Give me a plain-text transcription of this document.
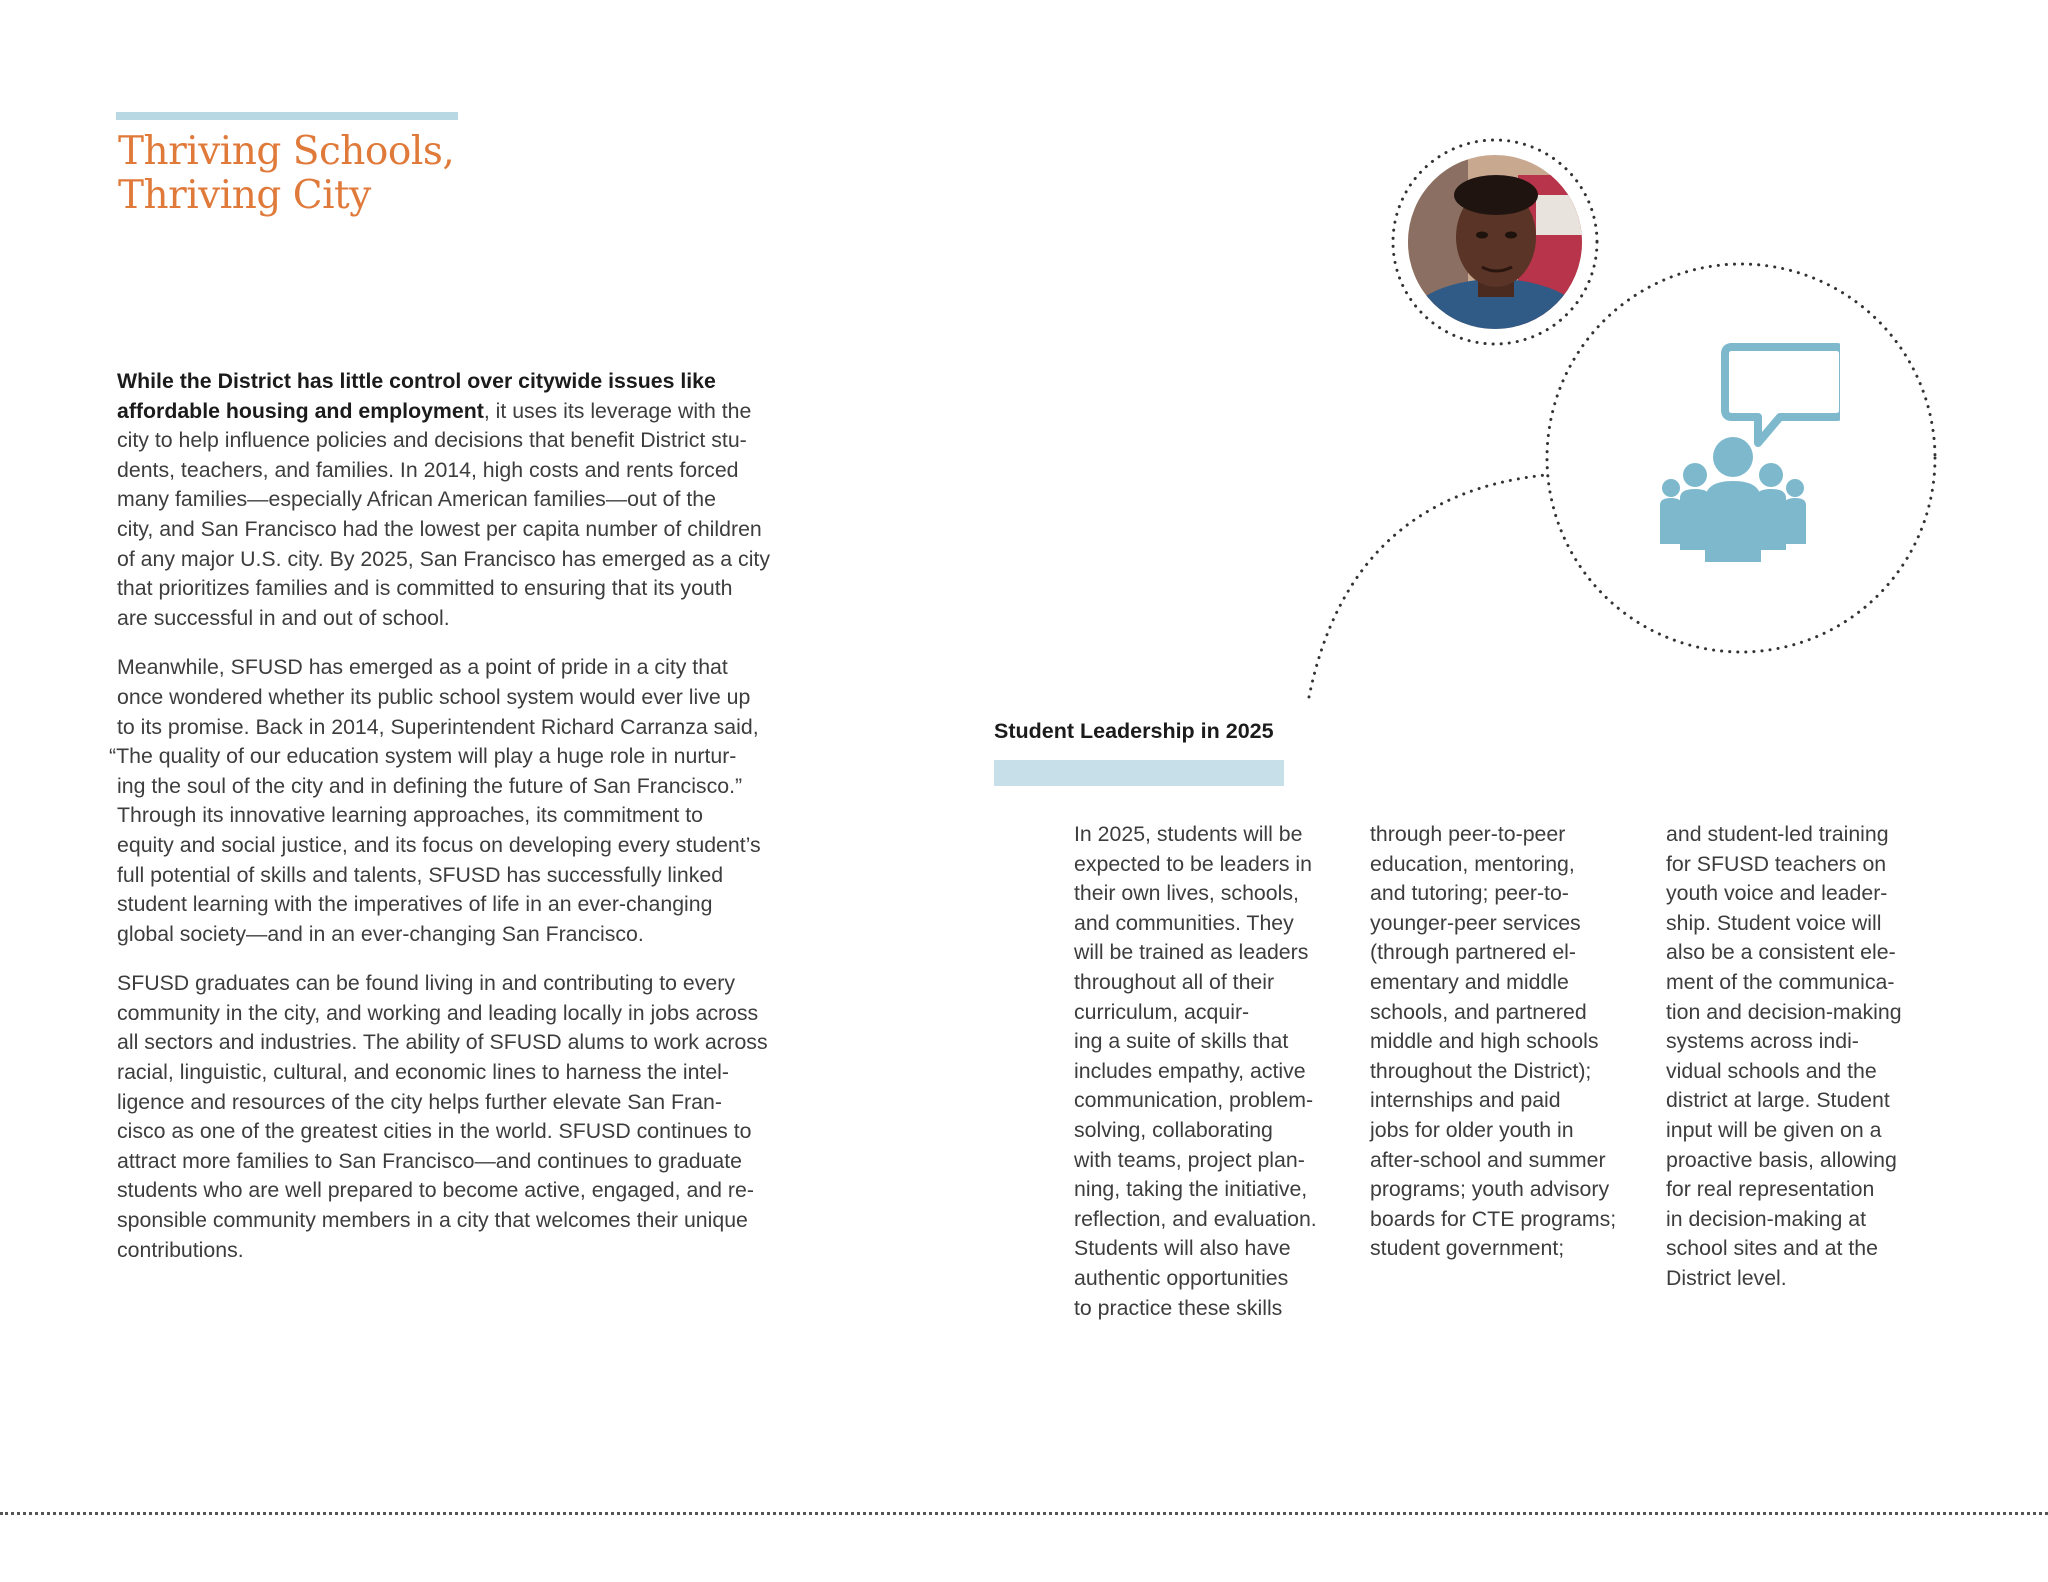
Thriving Schools,
Thriving City

While the District has little control over citywide issues like
affordable housing and employment, it uses its leverage with the
city to help influence policies and decisions that benefit District stu-
dents, teachers, and families. In 2014, high costs and rents forced
many families—especially African American families—out of the
city, and San Francisco had the lowest per capita number of children
of any major U.S. city. By 2025, San Francisco has emerged as a city
that prioritizes families and is committed to ensuring that its youth
are successful in and out of school.

Meanwhile, SFUSD has emerged as a point of pride in a city that
once wondered whether its public school system would ever live up
to its promise. Back in 2014, Superintendent Richard Carranza said,
“The quality of our education system will play a huge role in nurtur-
ing the soul of the city and in defining the future of San Francisco.”
Through its innovative learning approaches, its commitment to
equity and social justice, and its focus on developing every student’s
full potential of skills and talents, SFUSD has successfully linked
student learning with the imperatives of life in an ever-changing
global society—and in an ever-changing San Francisco.

SFUSD graduates can be found living in and contributing to every
community in the city, and working and leading locally in jobs across
all sectors and industries. The ability of SFUSD alums to work across
racial, linguistic, cultural, and economic lines to harness the intel-
ligence and resources of the city helps further elevate San Fran-
cisco as one of the greatest cities in the world. SFUSD continues to
attract more families to San Francisco—and continues to graduate
students who are well prepared to become active, engaged, and re-
sponsible community members in a city that welcomes their unique
contributions.

Student Leadership in 2025
In 2025, students will be
expected to be leaders in
their own lives, schools,
and communities. They
will be trained as leaders
throughout all of their
curriculum, acquir-
ing a suite of skills that
includes empathy, active
communication, problem-
solving, collaborating
with teams, project plan-
ning, taking the initiative,
reflection, and evaluation.
Students will also have
authentic opportunities
to practice these skills
through peer-to-peer
education, mentoring,
and tutoring; peer-to-
younger-peer services
(through partnered el-
ementary and middle
schools, and partnered
middle and high schools
throughout the District);
internships and paid
jobs for older youth in
after-school and summer
programs; youth advisory
boards for CTE programs;
student government;
and student-led training
for SFUSD teachers on
youth voice and leader-
ship. Student voice will
also be a consistent ele-
ment of the communica-
tion and decision-making
systems across indi-
vidual schools and the
district at large. Student
input will be given on a
proactive basis, allowing
for real representation
in decision-making at
school sites and at the
District level.
